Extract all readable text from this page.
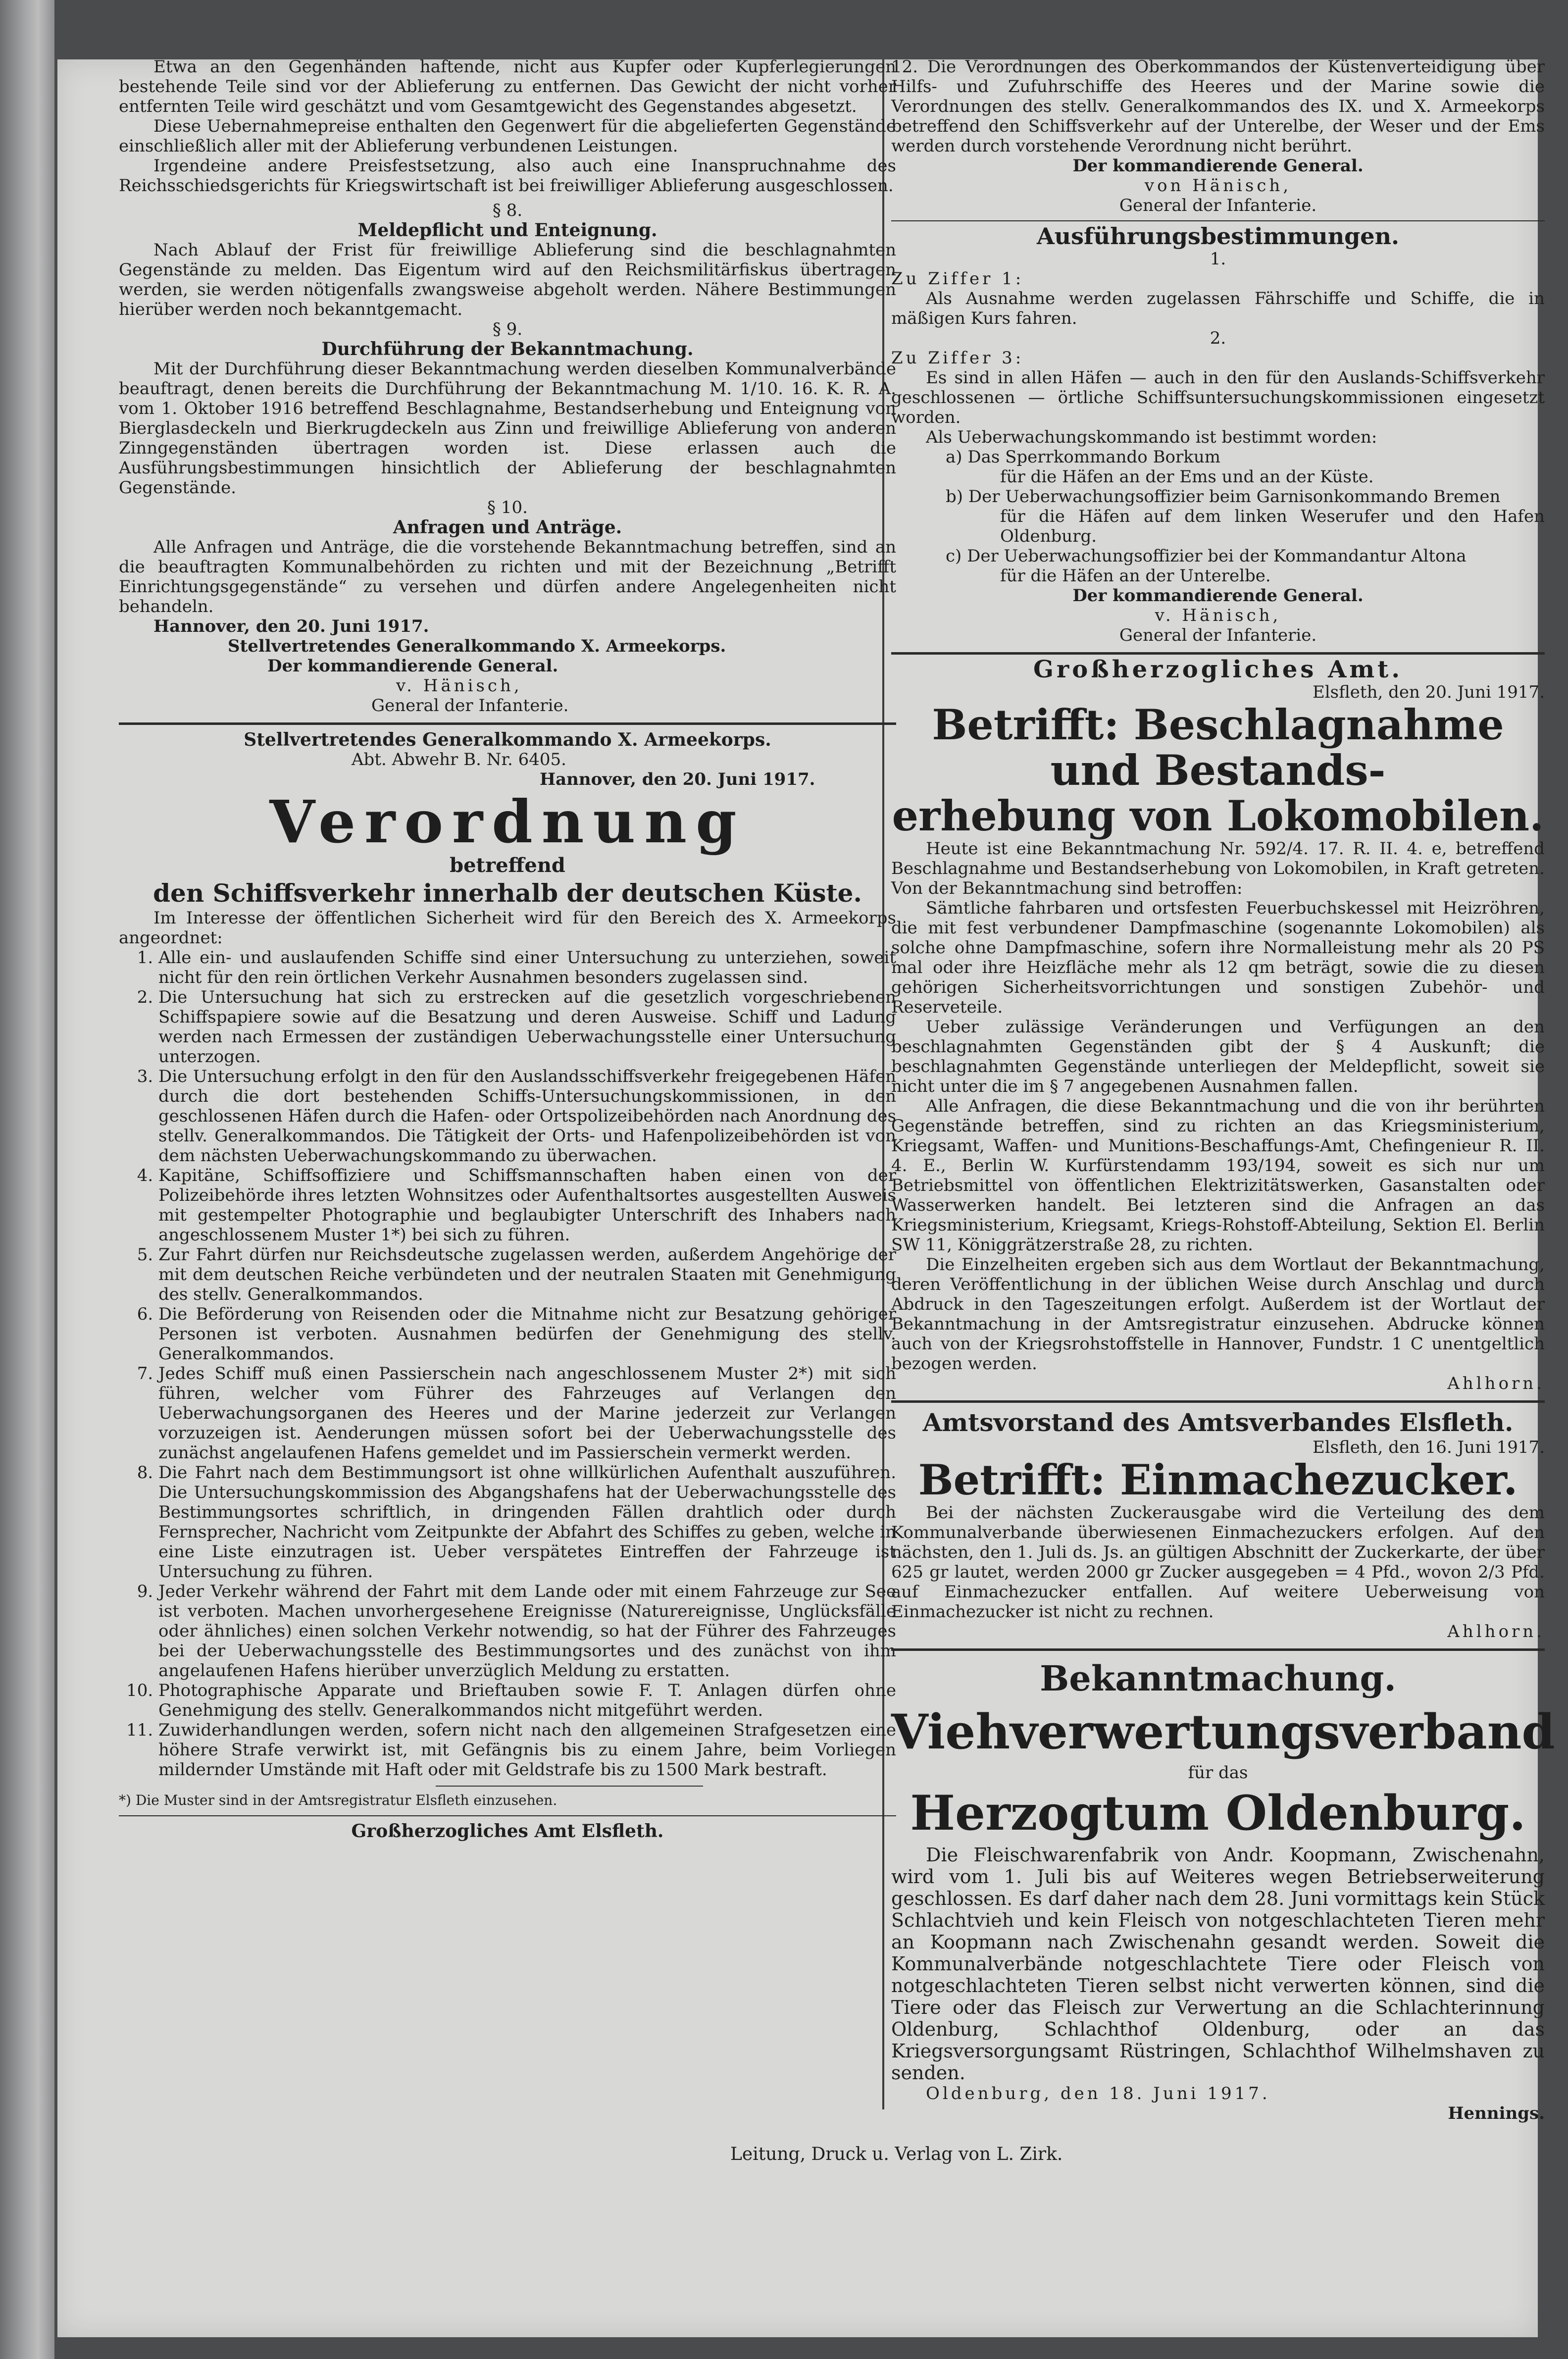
Etwa an den Gegenhänden haftende, nicht aus Kupfer oder Kupferlegierungen bestehende Teile sind vor der Ablieferung zu entfernen. Das Gewicht der nicht vorher entfernten Teile wird geschätzt und vom Gesamtgewicht des Gegenstandes abgesetzt.

Diese Uebernahmepreise enthalten den Gegenwert für die abgelieferten Gegenstände einschließlich aller mit der Ablieferung verbundenen Leistungen.

Irgendeine andere Preisfestsetzung, also auch eine Inanspruchnahme des Reichsschiedsgerichts für Kriegswirtschaft ist bei freiwilliger Ablieferung ausgeschlossen.

§ 8.

Meldepflicht und Enteignung.

Nach Ablauf der Frist für freiwillige Ablieferung sind die beschlagnahmten Gegenstände zu melden. Das Eigentum wird auf den Reichsmilitärfiskus übertragen werden, sie werden nötigenfalls zwangsweise abgeholt werden. Nähere Bestimmungen hierüber werden noch bekanntgemacht.

§ 9.

Durchführung der Bekanntmachung.

Mit der Durchführung dieser Bekanntmachung werden dieselben Kommunalverbände beauftragt, denen bereits die Durchführung der Bekanntmachung M. 1/10. 16. K. R. A. vom 1. Oktober 1916 betreffend Beschlagnahme, Bestandserhebung und Enteignung von Bierglasdeckeln und Bierkrugdeckeln aus Zinn und freiwillige Ablieferung von anderen Zinngegenständen übertragen worden ist. Diese erlassen auch die Ausführungsbestimmungen hinsichtlich der Ablieferung der beschlagnahmten Gegenstände.

§ 10.

Anfragen und Anträge.

Alle Anfragen und Anträge, die die vorstehende Bekanntmachung betreffen, sind an die beauftragten Kommunalbehörden zu richten und mit der Bezeichnung „Betrifft Einrichtungsgegenstände“ zu versehen und dürfen andere Angelegenheiten nicht behandeln.

Hannover, den 20. Juni 1917.

Stellvertretendes Generalkommando X. Armeekorps.

Der kommandierende General.

v. Hänisch,

General der Infanterie.

Stellvertretendes Generalkommando X. Armeekorps.

Abt. Abwehr B. Nr. 6405.

Hannover, den 20. Juni 1917.

Verordnung

betreffend

den Schiffsverkehr innerhalb der deutschen Küste.

Im Interesse der öffentlichen Sicherheit wird für den Bereich des X. Armeekorps angeordnet:

1. Alle ein- und auslaufenden Schiffe sind einer Untersuchung zu unterziehen, soweit nicht für den rein örtlichen Verkehr Ausnahmen besonders zugelassen sind.
2. Die Untersuchung hat sich zu erstrecken auf die gesetzlich vorgeschriebenen Schiffspapiere sowie auf die Besatzung und deren Ausweise. Schiff und Ladung werden nach Ermessen der zuständigen Ueberwachungsstelle einer Untersuchung unterzogen.
3. Die Untersuchung erfolgt in den für den Auslandsschiffsverkehr freigegebenen Häfen durch die dort bestehenden Schiffs-Untersuchungskommissionen, in den geschlossenen Häfen durch die Hafen- oder Ortspolizeibehörden nach Anordnung des stellv. Generalkommandos. Die Tätigkeit der Orts- und Hafenpolizeibehörden ist von dem nächsten Ueberwachungskommando zu überwachen.
4. Kapitäne, Schiffsoffiziere und Schiffsmannschaften haben einen von der Polizeibehörde ihres letzten Wohnsitzes oder Aufenthaltsortes ausgestellten Ausweis mit gestempelter Photographie und beglaubigter Unterschrift des Inhabers nach angeschlossenem Muster 1*) bei sich zu führen.
5. Zur Fahrt dürfen nur Reichsdeutsche zugelassen werden, außerdem Angehörige der mit dem deutschen Reiche verbündeten und der neutralen Staaten mit Genehmigung des stellv. Generalkommandos.
6. Die Beförderung von Reisenden oder die Mitnahme nicht zur Besatzung gehöriger Personen ist verboten. Ausnahmen bedürfen der Genehmigung des stellv. Generalkommandos.
7. Jedes Schiff muß einen Passierschein nach angeschlossenem Muster 2*) mit sich führen, welcher vom Führer des Fahrzeuges auf Verlangen den Ueberwachungsorganen des Heeres und der Marine jederzeit zur Verlangen vorzuzeigen ist. Aenderungen müssen sofort bei der Ueberwachungsstelle des zunächst angelaufenen Hafens gemeldet und im Passierschein vermerkt werden.
8. Die Fahrt nach dem Bestimmungsort ist ohne willkürlichen Aufenthalt auszuführen. Die Untersuchungskommission des Abgangshafens hat der Ueberwachungsstelle des Bestimmungsortes schriftlich, in dringenden Fällen drahtlich oder durch Fernsprecher, Nachricht vom Zeitpunkte der Abfahrt des Schiffes zu geben, welche in eine Liste einzutragen ist. Ueber verspätetes Eintreffen der Fahrzeuge ist Untersuchung zu führen.
9. Jeder Verkehr während der Fahrt mit dem Lande oder mit einem Fahrzeuge zur See ist verboten. Machen unvorhergesehene Ereignisse (Naturereignisse, Unglücksfälle oder ähnliches) einen solchen Verkehr notwendig, so hat der Führer des Fahrzeuges bei der Ueberwachungsstelle des Bestimmungsortes und des zunächst von ihm angelaufenen Hafens hierüber unverzüglich Meldung zu erstatten.
10. Photographische Apparate und Brieftauben sowie F. T. Anlagen dürfen ohne Genehmigung des stellv. Generalkommandos nicht mitgeführt werden.
11. Zuwiderhandlungen werden, sofern nicht nach den allgemeinen Strafgesetzen eine höhere Strafe verwirkt ist, mit Gefängnis bis zu einem Jahre, beim Vorliegen mildernder Umstände mit Haft oder mit Geldstrafe bis zu 1500 Mark bestraft.

*) Die Muster sind in der Amtsregistratur Elsfleth einzusehen.

Großherzogliches Amt Elsfleth.

12. Die Verordnungen des Oberkommandos der Küstenverteidigung über Hilfs- und Zufuhrschiffe des Heeres und der Marine sowie die Verordnungen des stellv. Generalkommandos des IX. und X. Armeekorps betreffend den Schiffsverkehr auf der Unterelbe, der Weser und der Ems werden durch vorstehende Verordnung nicht berührt.

Der kommandierende General.

von Hänisch,

General der Infanterie.

Ausführungsbestimmungen.

1.

Zu Ziffer 1:

Als Ausnahme werden zugelassen Fährschiffe und Schiffe, die in mäßigen Kurs fahren.

2.

Zu Ziffer 3:

Es sind in allen Häfen — auch in den für den Auslands-Schiffsverkehr geschlossenen — örtliche Schiffsuntersuchungskommissionen eingesetzt worden.

Als Ueberwachungskommando ist bestimmt worden:

a) Das Sperrkommando Borkum

für die Häfen an der Ems und an der Küste.

b) Der Ueberwachungsoffizier beim Garnisonkommando Bremen

für die Häfen auf dem linken Weserufer und den Hafen Oldenburg.

c) Der Ueberwachungsoffizier bei der Kommandantur Altona

für die Häfen an der Unterelbe.

Der kommandierende General.

v. Hänisch,

General der Infanterie.

Großherzogliches Amt.

Elsfleth, den 20. Juni 1917.

Betrifft: Beschlagnahme und Bestands-

erhebung von Lokomobilen.

Heute ist eine Bekanntmachung Nr. 592/4. 17. R. II. 4. e, betreffend Beschlagnahme und Bestandserhebung von Lokomobilen, in Kraft getreten. Von der Bekanntmachung sind betroffen:

Sämtliche fahrbaren und ortsfesten Feuerbuchskessel mit Heizröhren, die mit fest verbundener Dampfmaschine (sogenannte Lokomobilen) als solche ohne Dampfmaschine, sofern ihre Normalleistung mehr als 20 PS mal oder ihre Heizfläche mehr als 12 qm beträgt, sowie die zu diesen gehörigen Sicherheitsvorrichtungen und sonstigen Zubehör- und Reserveteile.

Ueber zulässige Veränderungen und Verfügungen an den beschlagnahmten Gegenständen gibt der § 4 Auskunft; die beschlagnahmten Gegenstände unterliegen der Meldepflicht, soweit sie nicht unter die im § 7 angegebenen Ausnahmen fallen.

Alle Anfragen, die diese Bekanntmachung und die von ihr berührten Gegenstände betreffen, sind zu richten an das Kriegsministerium, Kriegsamt, Waffen- und Munitions-Beschaffungs-Amt, Chefingenieur R. II. 4. E., Berlin W. Kurfürstendamm 193/194, soweit es sich nur um Betriebsmittel von öffentlichen Elektrizitätswerken, Gasanstalten oder Wasserwerken handelt. Bei letzteren sind die Anfragen an das Kriegsministerium, Kriegsamt, Kriegs-Rohstoff-Abteilung, Sektion El. Berlin SW 11, Königgrätzerstraße 28, zu richten.

Die Einzelheiten ergeben sich aus dem Wortlaut der Bekanntmachung, deren Veröffentlichung in der üblichen Weise durch Anschlag und durch Abdruck in den Tageszeitungen erfolgt. Außerdem ist der Wortlaut der Bekanntmachung in der Amtsregistratur einzusehen. Abdrucke können auch von der Kriegsrohstoffstelle in Hannover, Fundstr. 1 C unentgeltlich bezogen werden.

Ahlhorn.

Amtsvorstand des Amtsverbandes Elsfleth.

Elsfleth, den 16. Juni 1917.

Betrifft: Einmachezucker.

Bei der nächsten Zuckerausgabe wird die Verteilung des dem Kommunalverbande überwiesenen Einmachezuckers erfolgen. Auf den nächsten, den 1. Juli ds. Js. an gültigen Abschnitt der Zuckerkarte, der über 625 gr lautet, werden 2000 gr Zucker ausgegeben = 4 Pfd., wovon 2/3 Pfd. auf Einmachezucker entfallen. Auf weitere Ueberweisung von Einmachezucker ist nicht zu rechnen.

Ahlhorn.

Bekanntmachung.

Viehverwertungsverband

für das

Herzogtum Oldenburg.

Die Fleischwarenfabrik von Andr. Koopmann, Zwischenahn, wird vom 1. Juli bis auf Weiteres wegen Betriebserweiterung geschlossen. Es darf daher nach dem 28. Juni vormittags kein Stück Schlachtvieh und kein Fleisch von notgeschlachteten Tieren mehr an Koopmann nach Zwischenahn gesandt werden. Soweit die Kommunalverbände notgeschlachtete Tiere oder Fleisch von notgeschlachteten Tieren selbst nicht verwerten können, sind die Tiere oder das Fleisch zur Verwertung an die Schlachterinnung Oldenburg, Schlachthof Oldenburg, oder an das Kriegsversorgungsamt Rüstringen, Schlachthof Wilhelmshaven zu senden.

Oldenburg, den 18. Juni 1917.

Hennings.

Leitung, Druck u. Verlag von L. Zirk.
